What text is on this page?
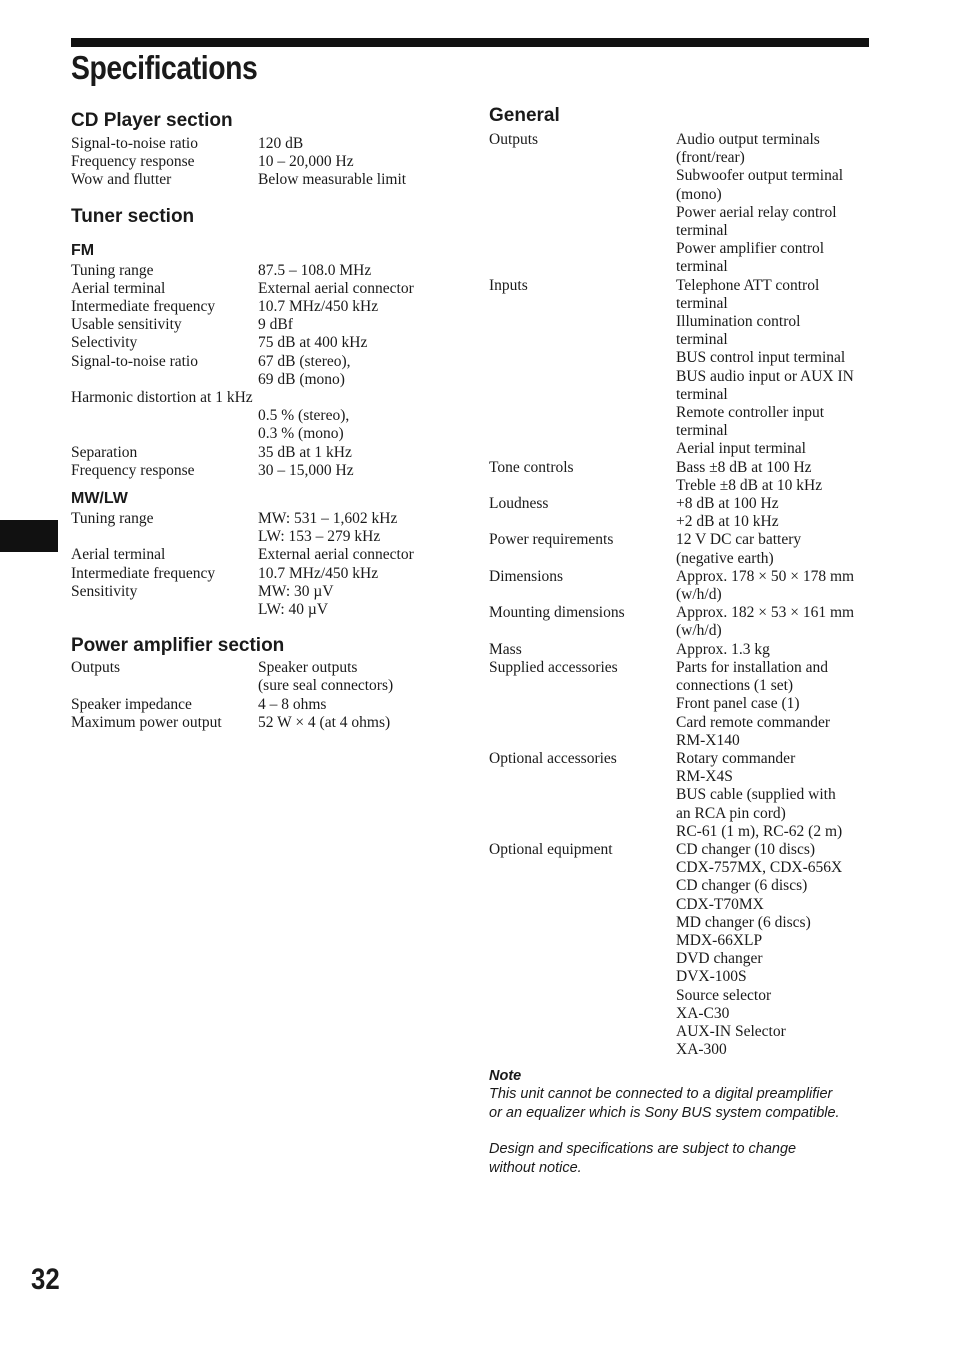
Specifications
CD Player section
Signal-to-noise ratio	120 dB
Frequency response	10 – 20,000 Hz
Wow and flutter	Below measurable limit
Tuner section
FM
Tuning range	87.5 – 108.0 MHz
Aerial terminal	External aerial connector
Intermediate frequency	10.7 MHz/450 kHz
Usable sensitivity	9 dBf
Selectivity	75 dB at 400 kHz
Signal-to-noise ratio	67 dB (stereo),
69 dB (mono)
Harmonic distortion at 1 kHz
0.5 % (stereo),
0.3 % (mono)
Separation	35 dB at 1 kHz
Frequency response	30 – 15,000 Hz
MW/LW
Tuning range	MW: 531 – 1,602 kHz
LW: 153 – 279 kHz
Aerial terminal	External aerial connector
Intermediate frequency	10.7 MHz/450 kHz
Sensitivity	MW: 30 µV
LW: 40 µV
Power amplifier section
Outputs	Speaker outputs
(sure seal connectors)
Speaker impedance	4 – 8 ohms
Maximum power output	52 W × 4 (at 4 ohms)
General
Outputs	Audio output terminals
(front/rear)
Subwoofer output terminal
(mono)
Power aerial relay control
terminal
Power amplifier control
terminal
Inputs	Telephone ATT control
terminal
Illumination control
terminal
BUS control input terminal
BUS audio input or AUX IN
terminal
Remote controller input
terminal
Aerial input terminal
Tone controls	Bass ±8 dB at 100 Hz
Treble ±8 dB at 10 kHz
Loudness	+8 dB at 100 Hz
+2 dB at 10 kHz
Power requirements	12 V DC car battery
(negative earth)
Dimensions	Approx. 178 × 50 × 178 mm
(w/h/d)
Mounting dimensions	Approx. 182 × 53 × 161 mm
(w/h/d)
Mass	Approx. 1.3 kg
Supplied accessories	Parts for installation and
connections (1 set)
Front panel case (1)
Card remote commander
RM-X140
Optional accessories	Rotary commander
RM-X4S
BUS cable (supplied with
an RCA pin cord)
RC-61 (1 m), RC-62 (2 m)
Optional equipment	CD changer (10 discs)
CDX-757MX, CDX-656X
CD changer (6 discs)
CDX-T70MX
MD changer (6 discs)
MDX-66XLP
DVD changer
DVX-100S
Source selector
XA-C30
AUX-IN Selector
XA-300
Note
This unit cannot be connected to a digital preamplifier
or an equalizer which is Sony BUS system compatible.
Design and specifications are subject to change
without notice.
32
